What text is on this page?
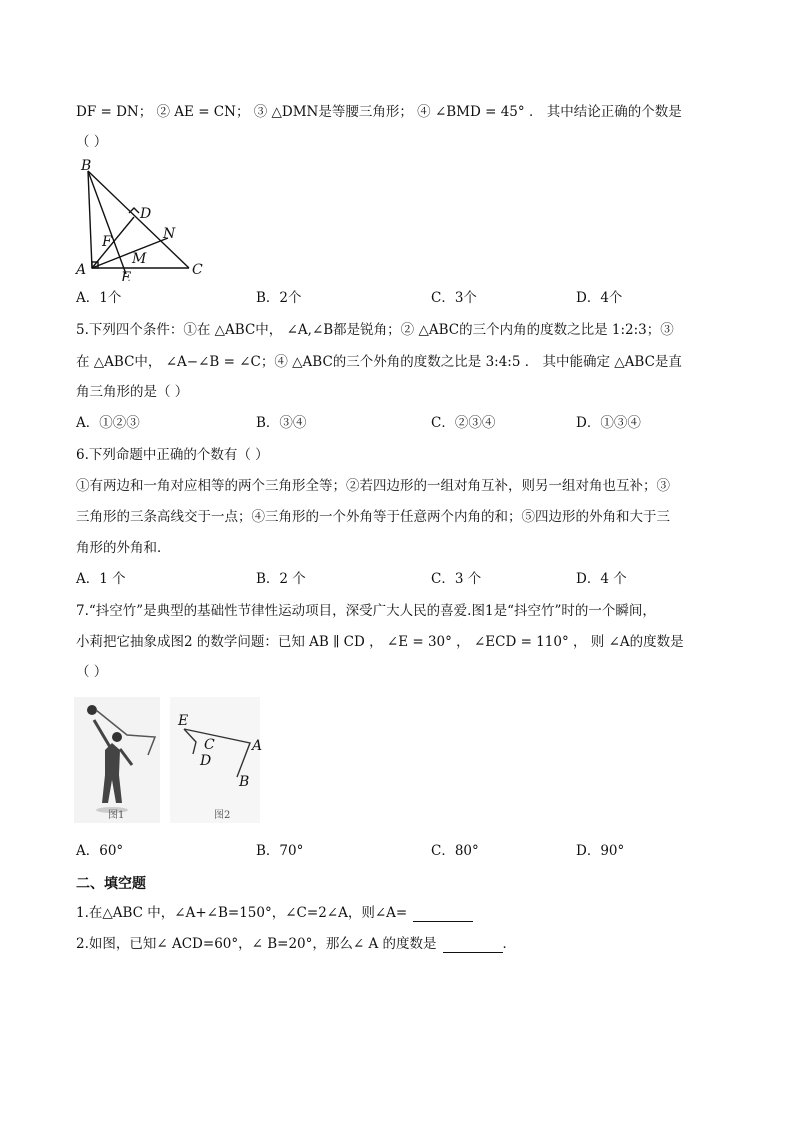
DF = DN； ② AE = CN； ③ △DMN是等腰三角形； ④ ∠BMD = 45° ． 其中结论正确的个数是
（ ）
B
D
F	N
M
A E	C
A．1个	B．2个	C．3个	D．4个
5.下列四个条件：①在 △ABC中， ∠A,∠B都是锐角；② △ABC的三个内角的度数之比是 1:2:3；③
在 △ABC中， ∠A−∠B = ∠C；④ △ABC的三个外角的度数之比是 3:4:5 ． 其中能确定 △ABC是直
角三角形的是（ ）
A．①②③	B．③④	C．②③④	D．①③④
6.下列命题中正确的个数有（ ）
①有两边和一角对应相等的两个三角形全等；②若四边形的一组对角互补，则另一组对角也互补；③
三角形的三条高线交于一点；④三角形的一个外角等于任意两个内角的和；⑤四边形的外角和大于三
角形的外角和．
A．1 个	B．2 个	C．3 个	D．4 个
7.“抖空竹”是典型的基础性节律性运动项目，深受广大人民的喜爱.图1是“抖空竹”时的一个瞬间，
小莉把它抽象成图2 的数学问题：已知 AB ∥ CD ， ∠E = 30° ， ∠ECD = 110° ， 则 ∠A的度数是
（ ）
图1
E
C
D
A
B
图2
A．60°	B．70°	C．80°	D．90°
二、填空题
1.在△ABC 中，∠A+∠B=150°，∠C=2∠A，则∠A=
2.如图，已知∠ ACD=60°，∠ B=20°，那么∠ A 的度数是	．
